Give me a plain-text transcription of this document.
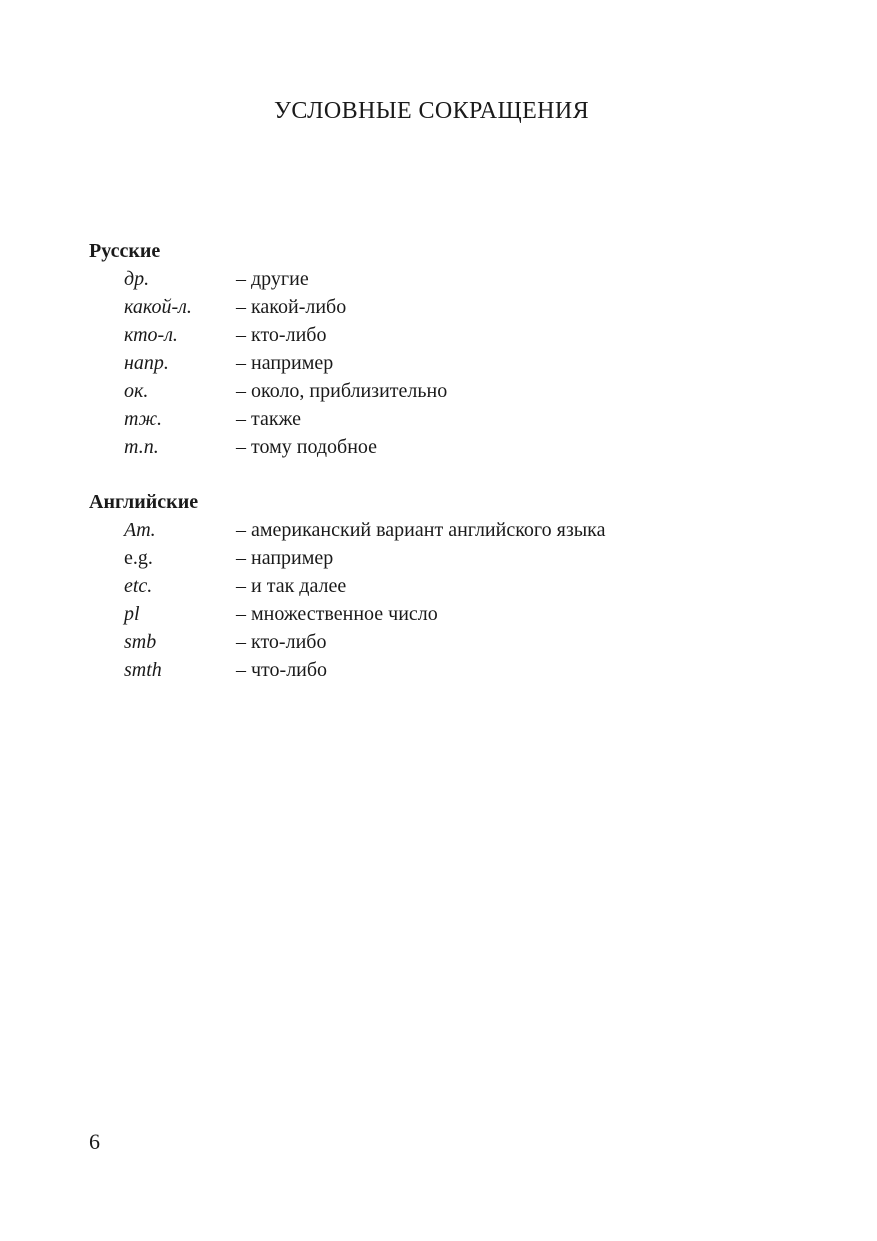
УСЛОВНЫЕ СОКРАЩЕНИЯ

Русские

др.	– другие
какой-л.	– какой-либо
кто-л.	– кто-либо
напр.	– например
ок.	– около, приблизительно
тж.	– также
т.п.	– тому подобное

Английские

Am.	– американский вариант английского языка
e.g.	– например
etc.	– и так далее
pl	– множественное число
smb	– кто-либо
smth	– что-либо
6
